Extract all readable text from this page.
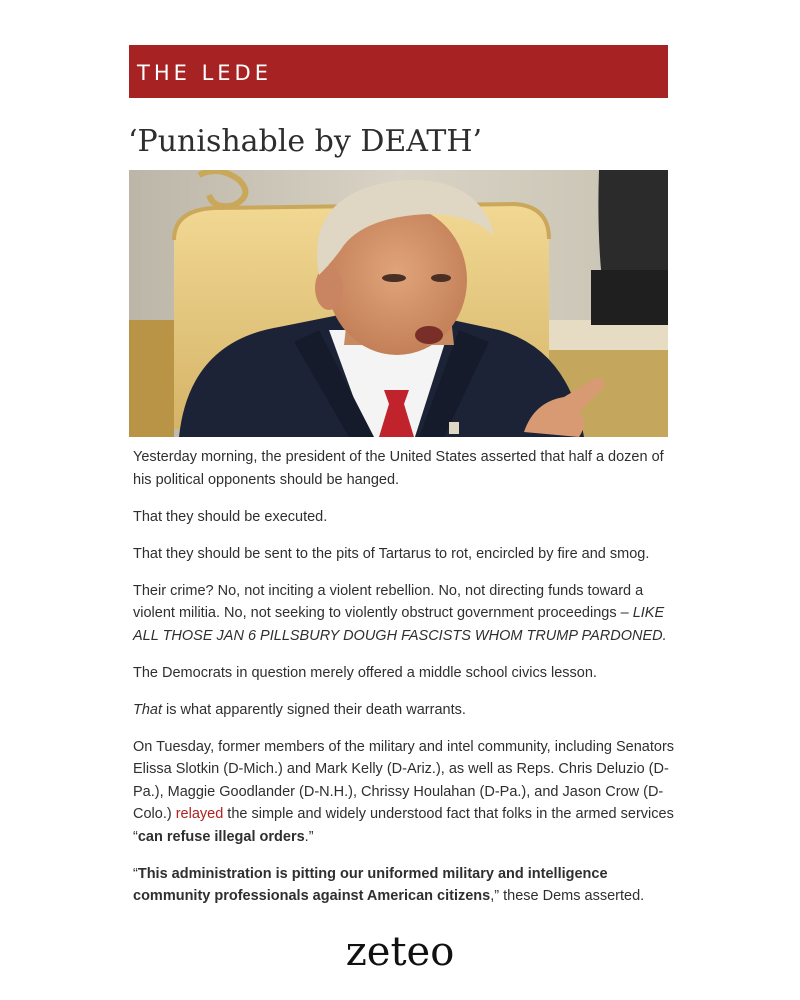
THE LEDE
‘Punishable by DEATH’

Yesterday morning, the president of the United States asserted that half a dozen of his political opponents should be hanged.

That they should be executed.

That they should be sent to the pits of Tartarus to rot, encircled by fire and smog.

Their crime? No, not inciting a violent rebellion. No, not directing funds toward a violent militia. No, not seeking to violently obstruct government proceedings – LIKE ALL THOSE JAN 6 PILLSBURY DOUGH FASCISTS WHOM TRUMP PARDONED.

The Democrats in question merely offered a middle school civics lesson.

That is what apparently signed their death warrants.

On Tuesday, former members of the military and intel community, including Senators Elissa Slotkin (D-Mich.) and Mark Kelly (D-Ariz.), as well as Reps. Chris Deluzio (D-Pa.), Maggie Goodlander (D-N.H.), Chrissy Houlahan (D-Pa.), and Jason Crow (D-Colo.) relayed the simple and widely understood fact that folks in the armed services “can refuse illegal orders.”

“This administration is pitting our uniformed military and intelligence community professionals against American citizens,” these Dems asserted.

zeteo
